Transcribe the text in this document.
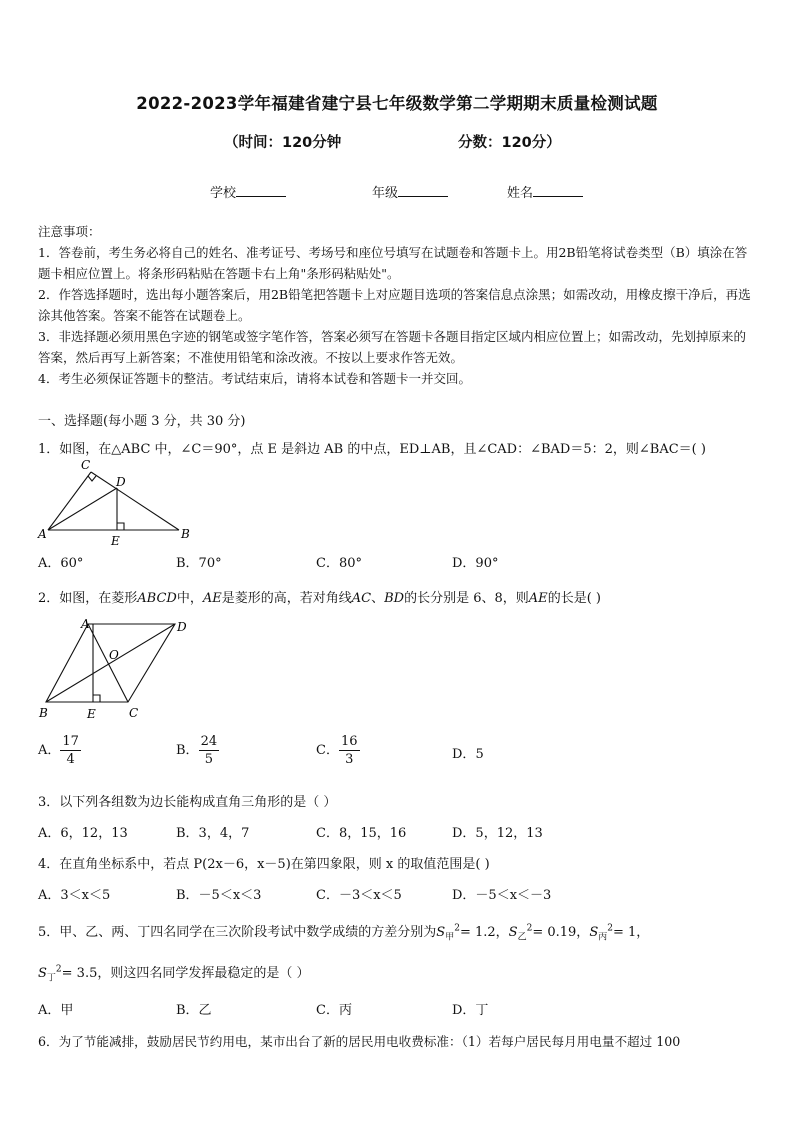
2022-2023学年福建省建宁县七年级数学第二学期期末质量检测试题
（时间：120分钟	分数：120分）
学校	年级	姓名
注意事项：
1．答卷前，考生务必将自己的姓名、准考证号、考场号和座位号填写在试题卷和答题卡上。用2B铅笔将试卷类型（B）填涂在答题卡相应位置上。将条形码粘贴在答题卡右上角"条形码粘贴处"。
2．作答选择题时，选出每小题答案后，用2B铅笔把答题卡上对应题目选项的答案信息点涂黑；如需改动，用橡皮擦干净后，再选涂其他答案。答案不能答在试题卷上。
3．非选择题必须用黑色字迹的钢笔或签字笔作答，答案必须写在答题卡各题目指定区域内相应位置上；如需改动，先划掉原来的答案，然后再写上新答案；不准使用铅笔和涂改液。不按以上要求作答无效。
4．考生必须保证答题卡的整洁。考试结束后，请将本试卷和答题卡一并交回。
一、选择题(每小题 3 分，共 30 分)
1．如图，在△ABC 中，∠C＝90°，点 E 是斜边 AB 的中点，ED⊥AB，且∠CAD：∠BAD＝5：2，则∠BAC＝( )
A	B
C
D
E
A．60°	B．70°	C．80°	D．90°
2．如图，在菱形ABCD中，AE是菱形的高，若对角线AC、BD的长分别是 6、8，则AE的长是( )
A	D
B	C
E
O
A． $\frac{17}{4}$	B． $\frac{24}{5}$	C． $\frac{16}{3}$	D．5
3．以下列各组数为边长能构成直角三角形的是（ ）
A．6，12，13	B．3，4，7	C．8，15，16	D．5，12，13
4．在直角坐标系中，若点 P(2x－6，x－5)在第四象限，则 x 的取值范围是( )
A．3＜x＜5	B．－5＜x＜3	C．－3＜x＜5	D．－5＜x＜－3
5．甲、乙、两、丁四名同学在三次阶段考试中数学成绩的方差分别为$S_甲^2= 1.2$，$S_乙^2= 0.19$，$S_丙^2= 1$，
$S_丁^2= 3.5$，则这四名同学发挥最稳定的是（ ）
A．甲	B．乙	C．丙	D．丁
6．为了节能减排，鼓励居民节约用电，某市出台了新的居民用电收费标准：（1）若每户居民每月用电量不超过 100
